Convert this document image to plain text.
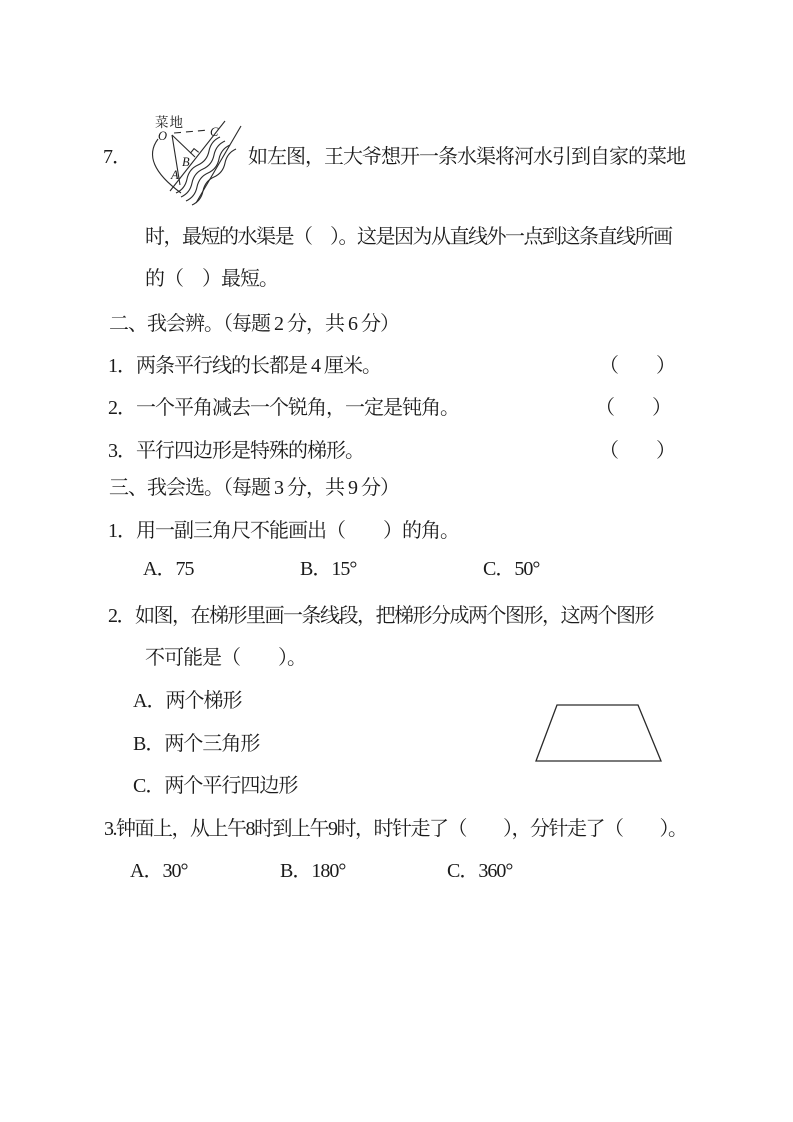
菜地
O	C
B
A
7．	如左图，王大爷想开一条水渠将河水引到自家的菜地
时，最短的水渠是（　）。这是因为从直线外一点到这条直线所画
的（　）最短。
二、我会辨。（每题 2 分，共 6 分）
1．两条平行线的长都是 4 厘米。	（　　）
2．一个平角减去一个锐角，一定是钝角。	（　　）
3．平行四边形是特殊的梯形。	（　　）
三、我会选。（每题 3 分，共 9 分）
1．用一副三角尺不能画出（　　）的角。
A．75	B．15°	C．50°
2．如图，在梯形里画一条线段，把梯形分成两个图形，这两个图形
不可能是（　　）。
A．两个梯形
B．两个三角形
C．两个平行四边形
3.钟面上，从上午8时到上午9时，时针走了（　　），分针走了（　　）。
A．30°	B．180°	C．360°
